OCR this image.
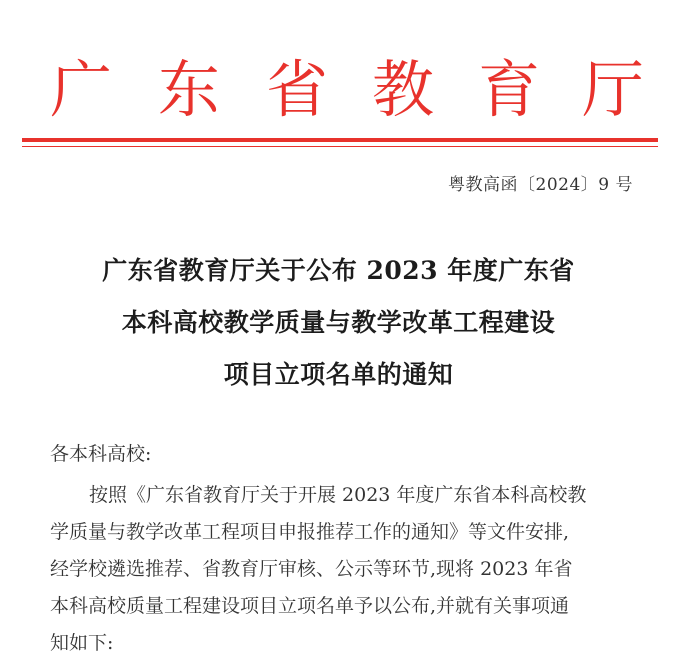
广 东 省 教 育 厅
粤教高函〔2024〕9 号
广东省教育厅关于公布 2023 年度广东省
本科高校教学质量与教学改革工程建设
项目立项名单的通知
各本科高校:
按照《广东省教育厅关于开展 2023 年度广东省本科高校教
学质量与教学改革工程项目申报推荐工作的通知》等文件安排,
经学校遴选推荐、省教育厅审核、公示等环节,现将 2023 年省
本科高校质量工程建设项目立项名单予以公布,并就有关事项通
知如下:
